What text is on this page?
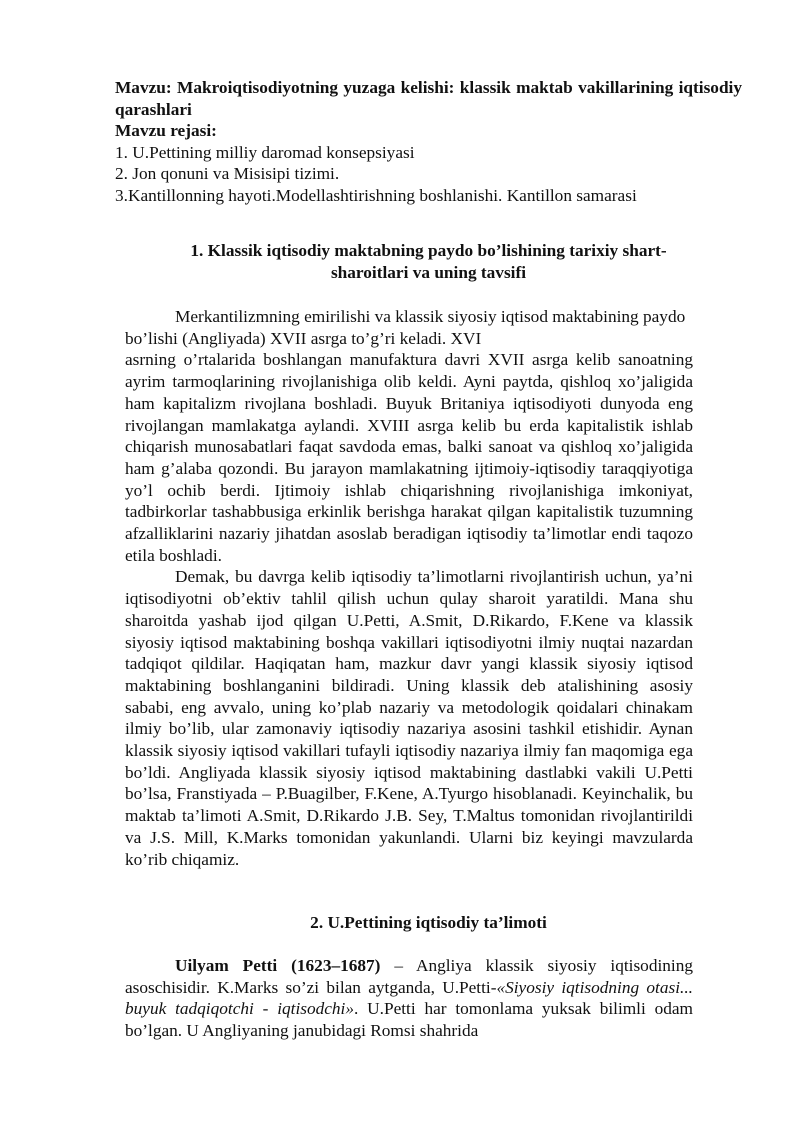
Mavzu: Makroiqtisodiyotning yuzaga kelishi: klassik maktab vakillarining iqtisodiy qarashlari

Mavzu rejasi:

1. U.Pettining milliy daromad konsepsiyasi
2. Jon qonuni va Misisipi tizimi.
3.Kantillonning hayoti.Modellashtirishning boshlanishi. Kantillon samarasi
1. Klassik iqtisodiy maktabning paydo bo’lishining tarixiy shart-
sharoitlari va uning tavsifi

Merkantilizmning emirilishi va klassik siyosiy iqtisod maktabining paydo bo’lishi (Angliyada) XVII asrga to’g’ri keladi. XVI

asrning o’rtalarida boshlangan manufaktura davri XVII asrga kelib sanoatning ayrim tarmoqlarining rivojlanishiga olib keldi. Ayni paytda, qishloq xo’jaligida ham kapitalizm rivojlana boshladi. Buyuk Britaniya iqtisodiyoti dunyoda eng rivojlangan mamlakatga aylandi. XVIII asrga kelib bu erda kapitalistik ishlab chiqarish munosabatlari faqat savdoda emas, balki sanoat va qishloq xo’jaligida ham g’alaba qozondi. Bu jarayon mamlakatning ijtimoiy-iqtisodiy taraqqiyotiga yo’l ochib berdi. Ijtimoiy ishlab chiqarishning rivojlanishiga imkoniyat, tadbirkorlar tashabbusiga erkinlik berishga harakat qilgan kapitalistik tuzumning afzalliklarini nazariy jihatdan asoslab beradigan iqtisodiy ta’limotlar endi taqozo etila boshladi.

Demak, bu davrga kelib iqtisodiy ta’limotlarni rivojlantirish uchun, ya’ni iqtisodiyotni ob’ektiv tahlil qilish uchun qulay sharoit yaratildi. Mana shu sharoitda yashab ijod qilgan U.Petti, A.Smit, D.Rikardo, F.Kene va klassik siyosiy iqtisod maktabining boshqa vakillari iqtisodiyotni ilmiy nuqtai nazardan tadqiqot qildilar. Haqiqatan ham, mazkur davr yangi klassik siyosiy iqtisod maktabining boshlanganini bildiradi. Uning klassik deb atalishining asosiy sababi, eng avvalo, uning ko’plab nazariy va metodologik qoidalari chinakam ilmiy bo’lib, ular zamonaviy iqtisodiy nazariya asosini tashkil etishidir. Aynan klassik siyosiy iqtisod vakillari tufayli iqtisodiy nazariya ilmiy fan maqomiga ega bo’ldi. Angliyada klassik siyosiy iqtisod maktabining dastlabki vakili U.Petti bo’lsa, Franstiyada – P.Buagilber, F.Kene, A.Tyurgo hisoblanadi. Keyinchalik, bu maktab ta’limoti A.Smit, D.Rikardo J.B. Sey, T.Maltus tomonidan rivojlantirildi va J.S. Mill, K.Marks tomonidan yakunlandi. Ularni biz keyingi mavzularda ko’rib chiqamiz.

2. U.Pettining iqtisodiy ta’limoti

Uilyam Petti (1623–1687) – Angliya klassik siyosiy iqtisodining asoschisidir. K.Marks so’zi bilan aytganda, U.Petti-«Siyosiy iqtisodning otasi... buyuk tadqiqotchi - iqtisodchi». U.Petti har tomonlama yuksak bilimli odam bo’lgan. U Angliyaning janubidagi Romsi shahrida
